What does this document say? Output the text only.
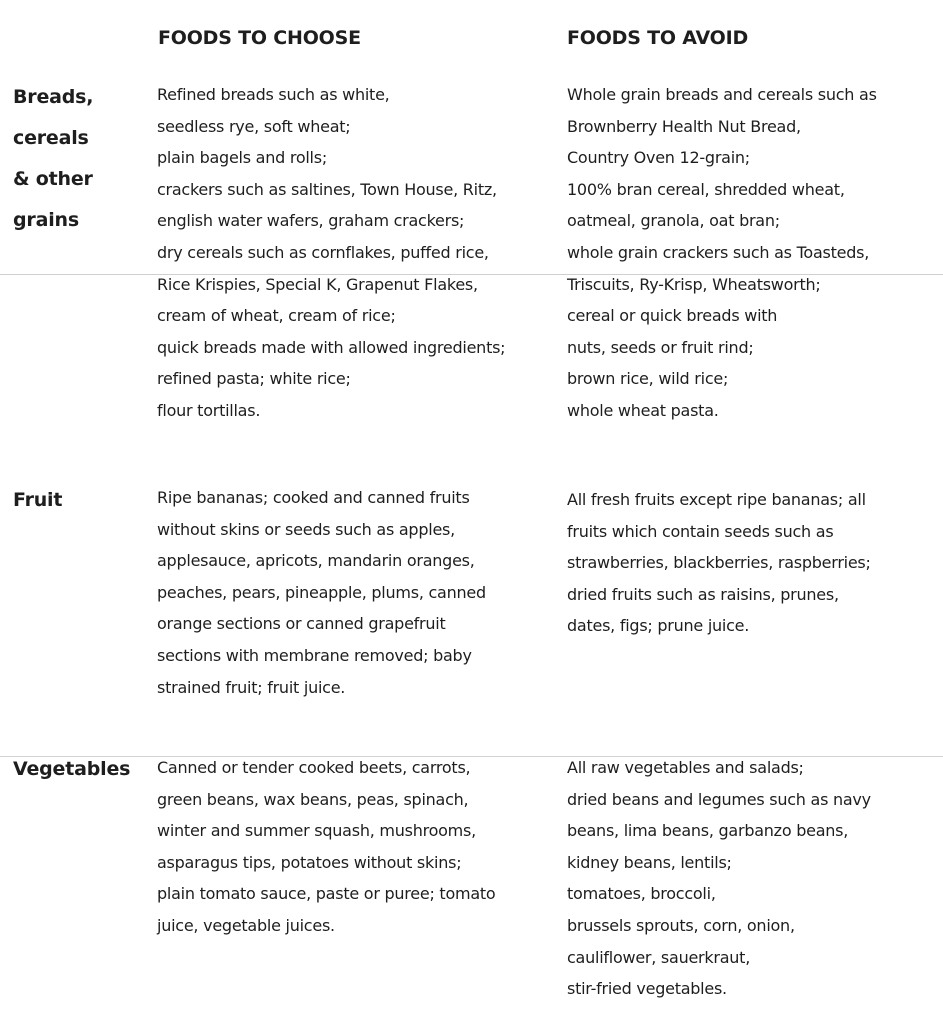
FOODS TO CHOOSE	FOODS TO AVOID
Breads,
cereals
& other
grains
Refined breads such as white,
seedless rye, soft wheat;
plain bagels and rolls;
crackers such as saltines, Town House, Ritz,
english water wafers, graham crackers;
dry cereals such as cornflakes, puffed rice,
Rice Krispies, Special K, Grapenut Flakes,
cream of wheat, cream of rice;
quick breads made with allowed ingredients;
refined pasta; white rice;
flour tortillas.
Whole grain breads and cereals such as
Brownberry Health Nut Bread,
Country Oven 12-grain;
100% bran cereal, shredded wheat,
oatmeal, granola, oat bran;
whole grain crackers such as Toasteds,
Triscuits, Ry-Krisp, Wheatsworth;
cereal or quick breads with
nuts, seeds or fruit rind;
brown rice, wild rice;
whole wheat pasta.
Fruit	Ripe bananas; cooked and canned fruits
without skins or seeds such as apples,
applesauce, apricots, mandarin oranges,
peaches, pears, pineapple, plums, canned
orange sections or canned grapefruit
sections with membrane removed; baby
strained fruit; fruit juice.
All fresh fruits except ripe bananas; all
fruits which contain seeds such as
strawberries, blackberries, raspberries;
dried fruits such as raisins, prunes,
dates, figs; prune juice.
Vegetables Canned or tender cooked beets, carrots,
green beans, wax beans, peas, spinach,
winter and summer squash, mushrooms,
asparagus tips, potatoes without skins;
plain tomato sauce, paste or puree; tomato
juice, vegetable juices.
All raw vegetables and salads;
dried beans and legumes such as navy
beans, lima beans, garbanzo beans,
kidney beans, lentils;
tomatoes, broccoli,
brussels sprouts, corn, onion,
cauliflower, sauerkraut,
stir-fried vegetables.
